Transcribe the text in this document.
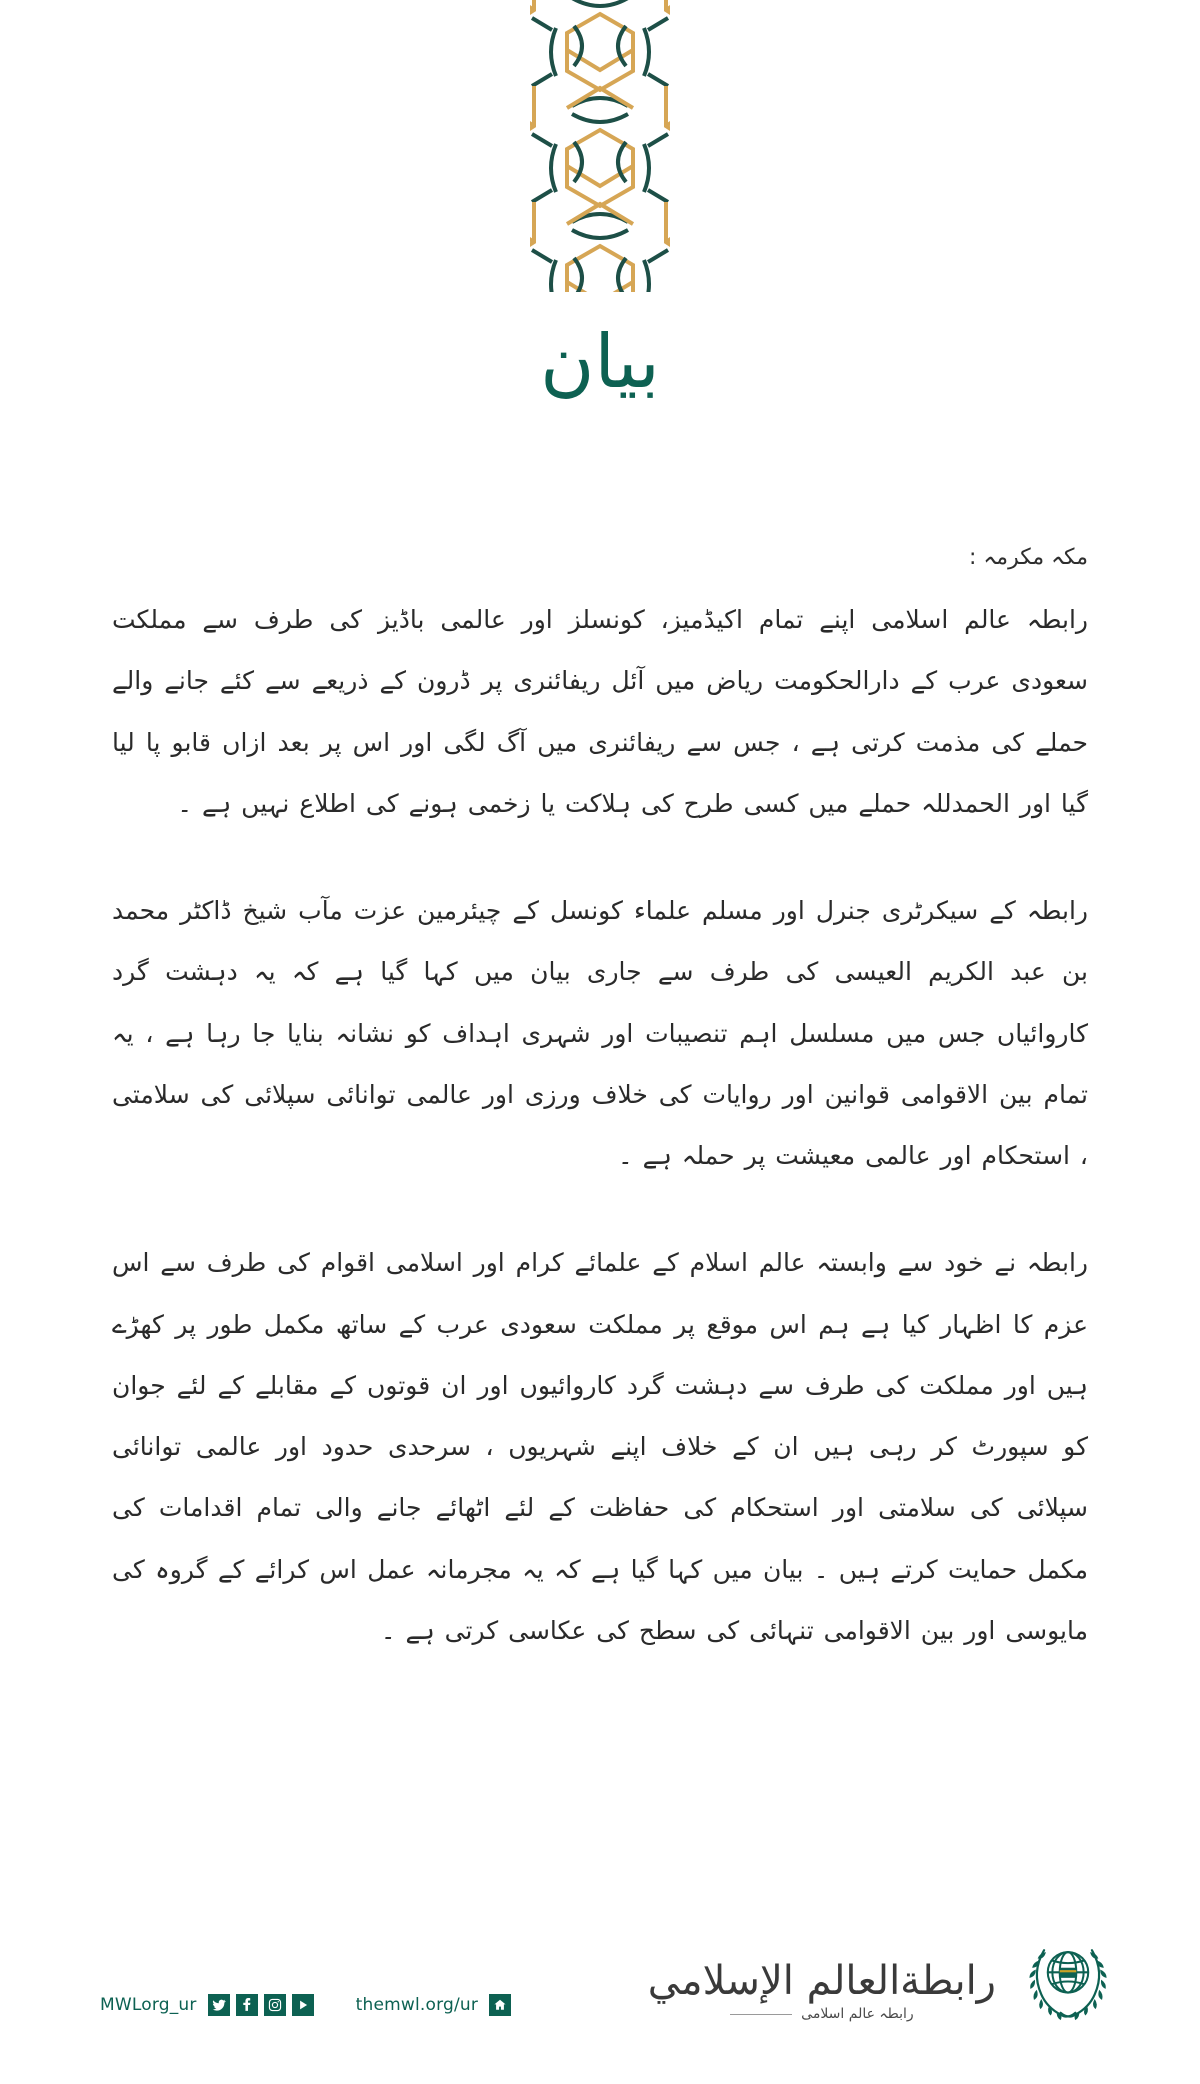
بیان

مکہ مکرمہ :

رابطہ عالم اسلامی اپنے تمام اکیڈمیز، کونسلز اور عالمی باڈیز کی طرف سے مملکت سعودی عرب کے دارالحکومت ریاض میں آئل ریفائنری پر ڈرون کے ذریعے سے کئے جانے والے حملے کی مذمت کرتی ہے ، جس سے ریفائنری میں آگ لگی اور اس پر بعد ازاں قابو پا لیا گیا اور الحمدللہ حملے میں کسی طرح کی ہلاکت یا زخمی ہونے کی اطلاع نہیں ہے ۔

رابطہ کے سیکرٹری جنرل اور مسلم علماء کونسل کے چیئرمین عزت مآب شیخ ڈاکٹر محمد بن عبد الکریم العیسی کی طرف سے جاری بیان میں کہا گیا ہے کہ یہ دہشت گرد کاروائیاں جس میں مسلسل اہم تنصیبات اور شہری اہداف کو نشانہ بنایا جا رہا ہے ، یہ تمام بین الاقوامی قوانین اور روایات کی خلاف ورزی اور عالمی توانائی سپلائی کی سلامتی ، استحکام اور عالمی معیشت پر حملہ ہے ۔

رابطہ نے خود سے وابستہ عالم اسلام کے علمائے کرام اور اسلامی اقوام کی طرف سے اس عزم کا اظہار کیا ہے ہم اس موقع پر مملکت سعودی عرب کے ساتھ مکمل طور پر کھڑے ہیں اور مملکت کی طرف سے دہشت گرد کاروائیوں اور ان قوتوں کے مقابلے کے لئے جوان کو سپورٹ کر رہی ہیں ان کے خلاف اپنے شہریوں ، سرحدی حدود اور عالمی توانائی سپلائی کی سلامتی اور استحکام کی حفاظت کے لئے اٹھائے جانے والی تمام اقدامات کی مکمل حمایت کرتے ہیں ۔ بیان میں کہا گیا ہے کہ یہ مجرمانہ عمل اس کرائے کے گروہ کی مایوسی اور بین الاقوامی تنہائی کی سطح کی عکاسی کرتی ہے ۔

MWLorg_ur	themwl.org/ur
رابطةالعالم الإسلامي
رابطہ عالم اسلامی
